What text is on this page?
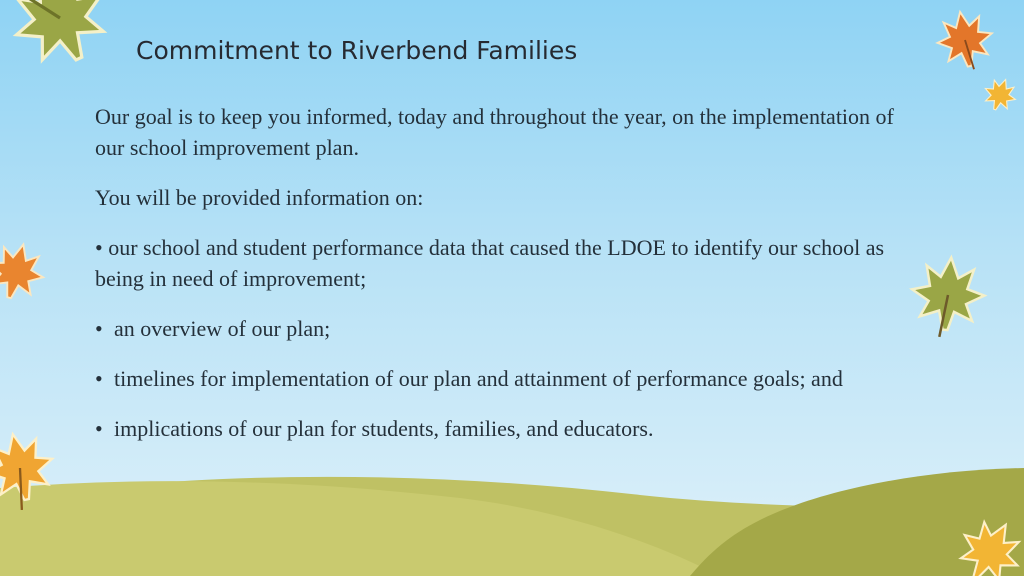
Commitment to Riverbend Families

Our goal is to keep you informed, today and throughout the year, on the implementation of our school improvement plan.

You will be provided information on:

• our school and student performance data that caused the LDOE to identify our school as being in need of improvement;

• an overview of our plan;

• timelines for implementation of our plan and attainment of performance goals; and

• implications of our plan for students, families, and educators.
